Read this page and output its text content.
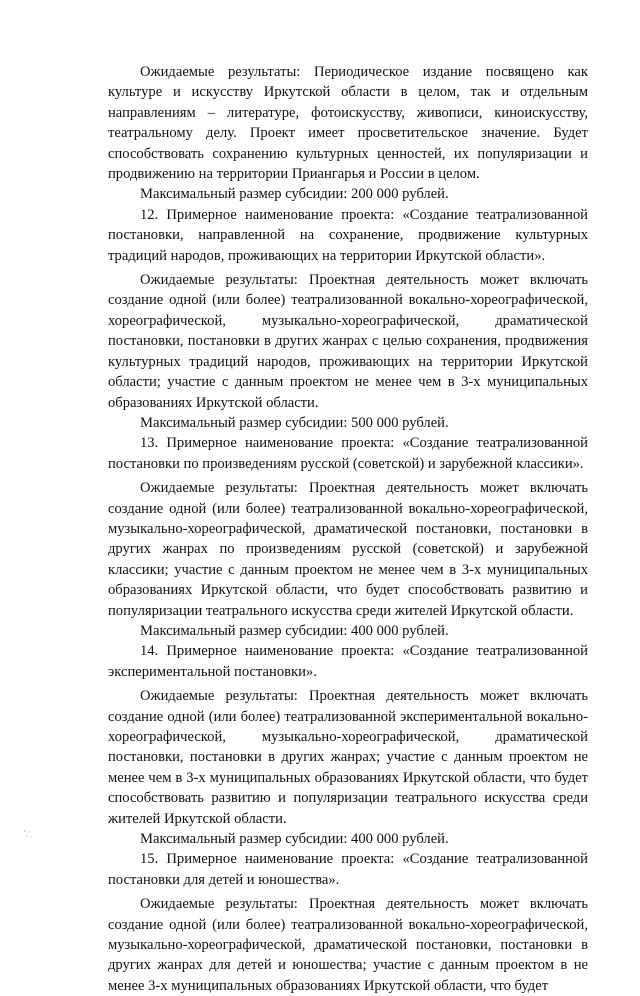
Ожидаемые результаты: Периодическое издание посвящено как культуре и искусству Иркутской области в целом, так и отдельным направлениям – литературе, фотоискусству, живописи, киноискусству, театральному делу. Проект имеет просветительское значение. Будет способствовать сохранению культурных ценностей, их популяризации и продвижению на территории Приангарья и России в целом.

Максимальный размер субсидии: 200 000 рублей.

12. Примерное наименование проекта: «Создание театрализованной постановки, направленной на сохранение, продвижение культурных традиций народов, проживающих на территории Иркутской области».

Ожидаемые результаты: Проектная деятельность может включать создание одной (или более) театрализованной вокально-хореографической, хореографической, музыкально-хореографической, драматической постановки, постановки в других жанрах с целью сохранения, продвижения культурных традиций народов, проживающих на территории Иркутской области; участие с данным проектом не менее чем в 3-х муниципальных образованиях Иркутской области.

Максимальный размер субсидии: 500 000 рублей.

13. Примерное наименование проекта: «Создание театрализованной постановки по произведениям русской (советской) и зарубежной классики».

Ожидаемые результаты: Проектная деятельность может включать создание одной (или более) театрализованной вокально-хореографической, музыкально-хореографической, драматической постановки, постановки в других жанрах по произведениям русской (советской) и зарубежной классики; участие с данным проектом не менее чем в 3-х муниципальных образованиях Иркутской области, что будет способствовать развитию и популяризации театрального искусства среди жителей Иркутской области.

Максимальный размер субсидии: 400 000 рублей.

14. Примерное наименование проекта: «Создание театрализованной экспериментальной постановки».

Ожидаемые результаты: Проектная деятельность может включать создание одной (или более) театрализованной экспериментальной вокально-хореографической, музыкально-хореографической, драматической постановки, постановки в других жанрах; участие с данным проектом не менее чем в 3-х муниципальных образованиях Иркутской области, что будет способствовать развитию и популяризации театрального искусства среди жителей Иркутской области.

Максимальный размер субсидии: 400 000 рублей.

15. Примерное наименование проекта: «Создание театрализованной постановки для детей и юношества».

Ожидаемые результаты: Проектная деятельность может включать создание одной (или более) театрализованной вокально-хореографической, музыкально-хореографической, драматической постановки, постановки в других жанрах для детей и юношества; участие с данным проектом в не менее 3-х муниципальных образованиях Иркутской области, что будет
